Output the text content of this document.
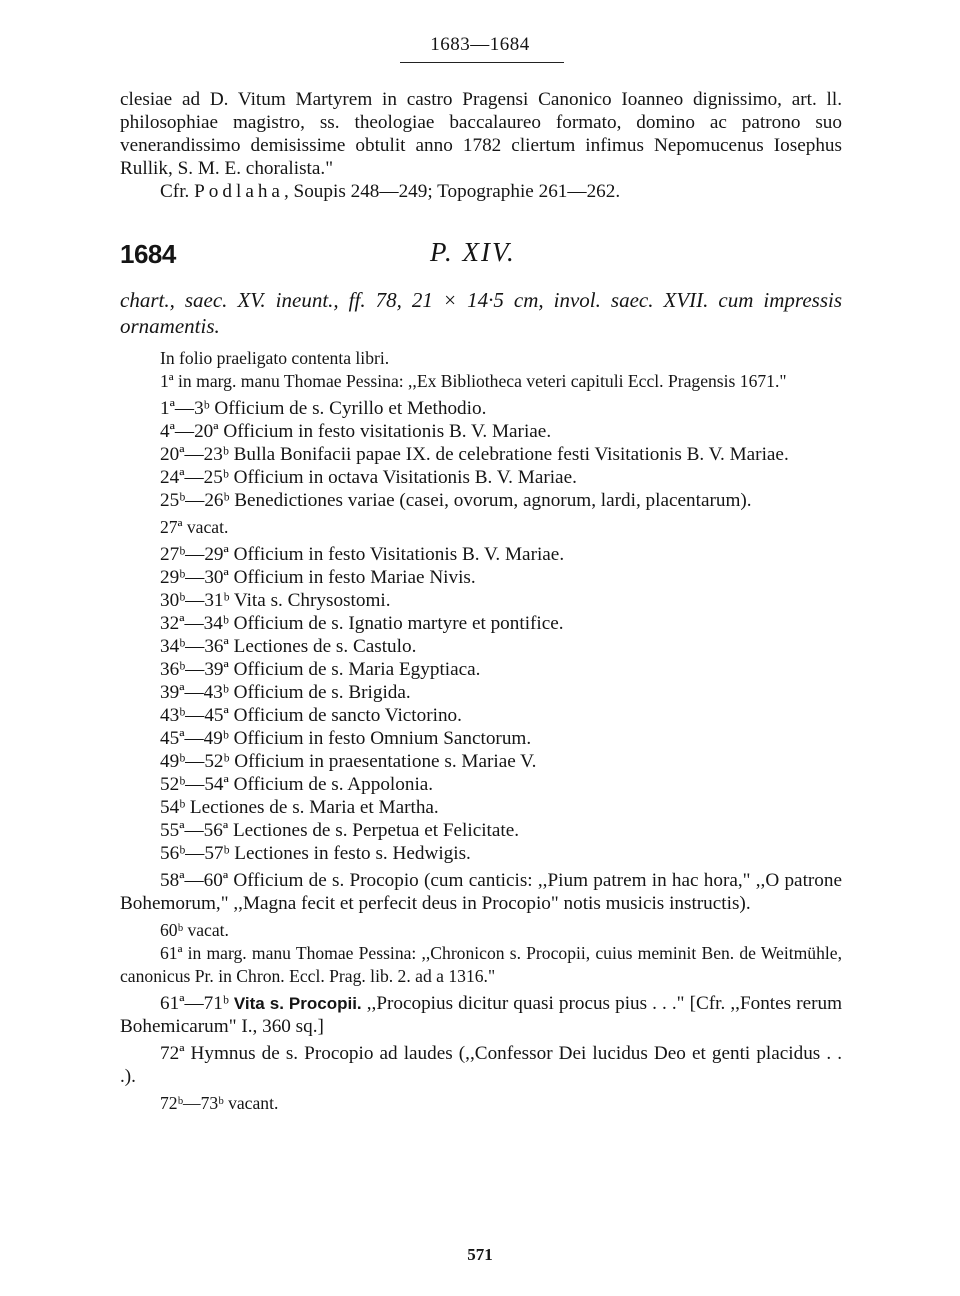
1683—1684

clesiae ad D. Vitum Martyrem in castro Pragensi Canonico Ioanneo dignissimo, art. ll. philosophiae magistro, ss. theologiae baccalaureo formato, domino ac patrono suo venerandissimo demisissime obtulit anno 1782 cliertum infimus Nepomucenus Iosephus Rullik, S. M. E. choralista."

Cfr. Podlaha, Soupis 248—249; Topographie 261—262.

1684	P. XIV.

chart., saec. XV. ineunt., ff. 78, 21 × 14·5 cm, invol. saec. XVII. cum impressis ornamentis.

In folio praeligato contenta libri.

1ª in marg. manu Thomae Pessina: ,,Ex Bibliotheca veteri capituli Eccl. Pragensis 1671."

1ª—3ᵇ Officium de s. Cyrillo et Methodio.

4ª—20ª Officium in festo visitationis B. V. Mariae.

20ª—23ᵇ Bulla Bonifacii papae IX. de celebratione festi Visitationis B. V. Mariae.

24ª—25ᵇ Officium in octava Visitationis B. V. Mariae.

25ᵇ—26ᵇ Benedictiones variae (casei, ovorum, agnorum, lardi, placentarum).

27ª vacat.

27ᵇ—29ª Officium in festo Visitationis B. V. Mariae.

29ᵇ—30ª Officium in festo Mariae Nivis.

30ᵇ—31ᵇ Vita s. Chrysostomi.

32ª—34ᵇ Officium de s. Ignatio martyre et pontifice.

34ᵇ—36ª Lectiones de s. Castulo.

36ᵇ—39ª Officium de s. Maria Egyptiaca.

39ª—43ᵇ Officium de s. Brigida.

43ᵇ—45ª Officium de sancto Victorino.

45ª—49ᵇ Officium in festo Omnium Sanctorum.

49ᵇ—52ᵇ Officium in praesentatione s. Mariae V.

52ᵇ—54ª Officium de s. Appolonia.

54ᵇ Lectiones de s. Maria et Martha.

55ª—56ª Lectiones de s. Perpetua et Felicitate.

56ᵇ—57ᵇ Lectiones in festo s. Hedwigis.

58ª—60ª Officium de s. Procopio (cum canticis: ,,Pium patrem in hac hora," ,,O patrone Bohemorum," ,,Magna fecit et perfecit deus in Procopio" notis musicis instructis).

60ᵇ vacat.

61ª in marg. manu Thomae Pessina: ,,Chronicon s. Procopii, cuius meminit Ben. de Weitmühle, canonicus Pr. in Chron. Eccl. Prag. lib. 2. ad a 1316."

61ª—71ᵇ Vita s. Procopii. ,,Procopius dicitur quasi procus pius . . ." [Cfr. ,,Fontes rerum Bohemicarum" I., 360 sq.]

72ª Hymnus de s. Procopio ad laudes (,,Confessor Dei lucidus Deo et genti placidus . . .).

72ᵇ—73ᵇ vacant.

571
